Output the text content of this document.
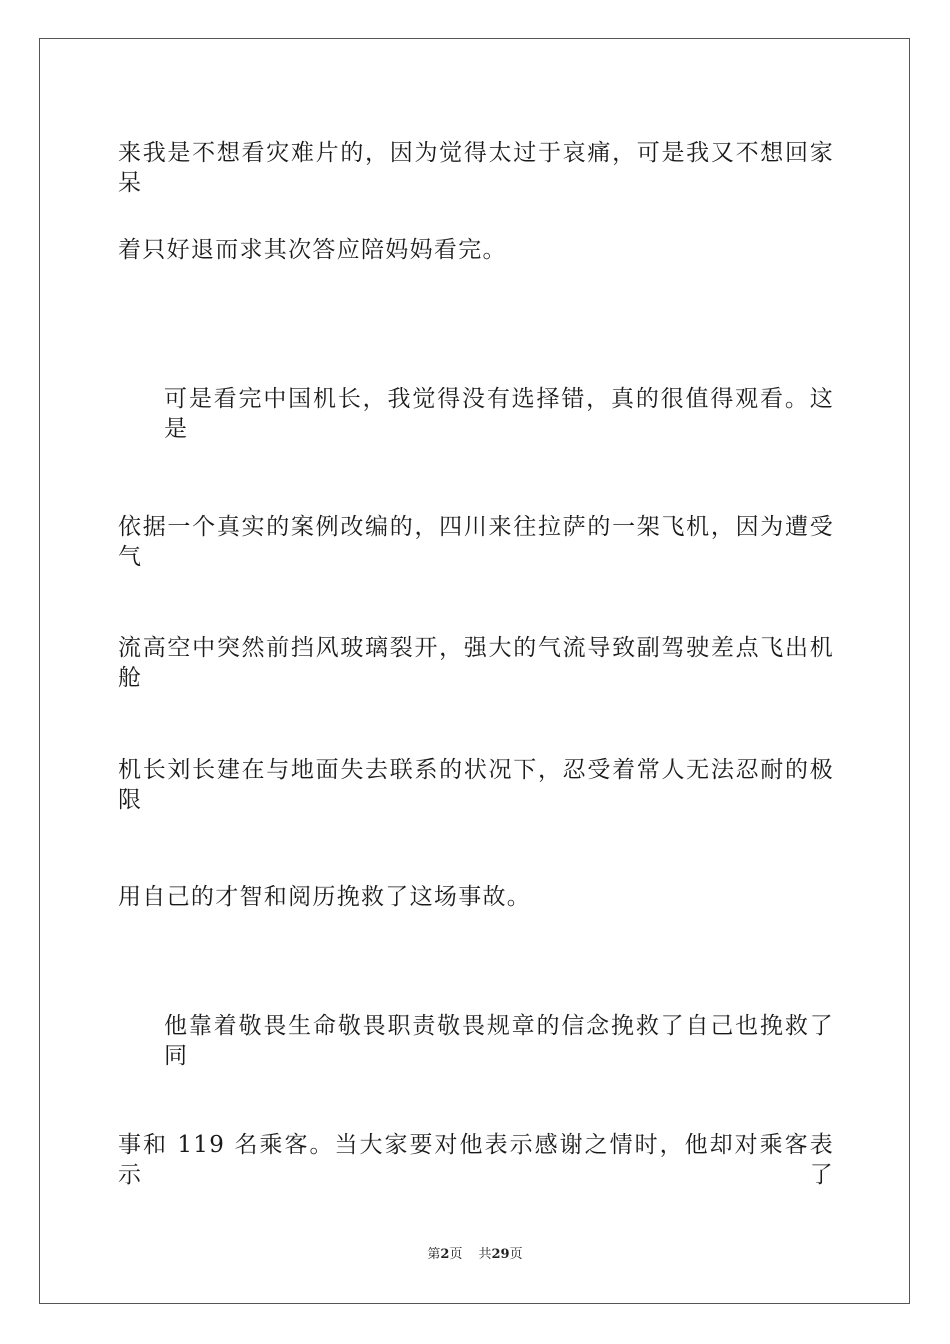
来我是不想看灾难片的，因为觉得太过于哀痛，可是我又不想回家呆
着只好退而求其次答应陪妈妈看完。
可是看完中国机长，我觉得没有选择错，真的很值得观看。这是
依据一个真实的案例改编的，四川来往拉萨的一架飞机，因为遭受气
流高空中突然前挡风玻璃裂开，强大的气流导致副驾驶差点飞出机舱
机长刘长建在与地面失去联系的状况下，忍受着常人无法忍耐的极限
用自己的才智和阅历挽救了这场事故。
他靠着敬畏生命敬畏职责敬畏规章的信念挽救了自己也挽救了同
事和 119 名乘客。当大家要对他表示感谢之情时，他却对乘客表示了
第2页 共29页
